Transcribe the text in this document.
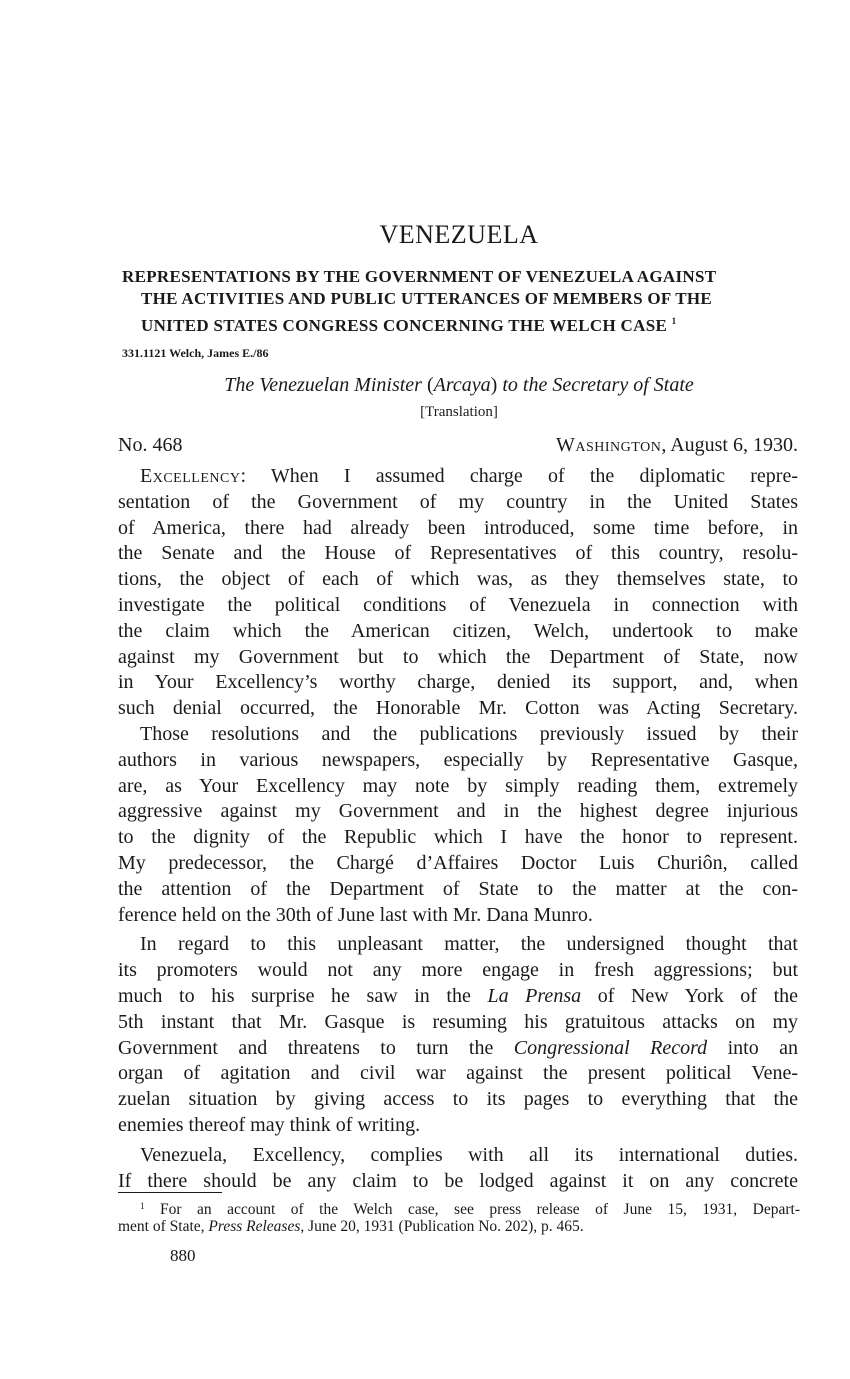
VENEZUELA
REPRESENTATIONS BY THE GOVERNMENT OF VENEZUELA AGAINST
THE ACTIVITIES AND PUBLIC UTTERANCES OF MEMBERS OF THE
UNITED STATES CONGRESS CONCERNING THE WELCH CASE $^1$
331.1121 Welch, James E./86
The Venezuelan Minister (Arcaya) to the Secretary of State
[Translation]
No. 468	Washington, August 6, 1930.
Excellency: When I assumed charge of the diplomatic repre-
sentation of the Government of my country in the United States
of America, there had already been introduced, some time before, in
the Senate and the House of Representatives of this country, resolu-
tions, the object of each of which was, as they themselves state, to
investigate the political conditions of Venezuela in connection with
the claim which the American citizen, Welch, undertook to make
against my Government but to which the Department of State, now
in Your Excellency’s worthy charge, denied its support, and, when
such denial occurred, the Honorable Mr. Cotton was Acting Secretary.
Those resolutions and the publications previously issued by their
authors in various newspapers, especially by Representative Gasque,
are, as Your Excellency may note by simply reading them, extremely
aggressive against my Government and in the highest degree injurious
to the dignity of the Republic which I have the honor to represent.
My predecessor, the Chargé d’Affaires Doctor Luis Churiôn, called
the attention of the Department of State to the matter at the con-
ference held on the 30th of June last with Mr. Dana Munro.
In regard to this unpleasant matter, the undersigned thought that
its promoters would not any more engage in fresh aggressions; but
much to his surprise he saw in the La Prensa of New York of the
5th instant that Mr. Gasque is resuming his gratuitous attacks on my
Government and threatens to turn the Congressional Record into an
organ of agitation and civil war against the present political Vene-
zuelan situation by giving access to its pages to everything that the
enemies thereof may think of writing.
Venezuela, Excellency, complies with all its international duties.
If there should be any claim to be lodged against it on any concrete
$^1$ For an account of the Welch case, see press release of June 15, 1931, Depart-
ment of State, Press Releases, June 20, 1931 (Publication No. 202), p. 465.
880
